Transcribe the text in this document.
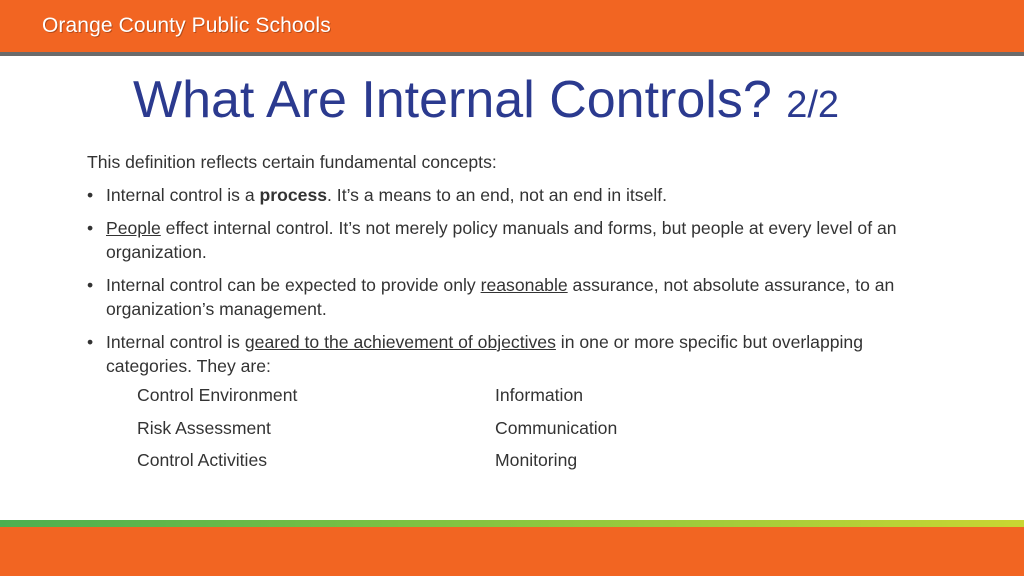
Orange County Public Schools
What Are Internal Controls? 2/2

This definition reflects certain fundamental concepts:

• Internal control is a process. It’s a means to an end, not an end in itself.
• People effect internal control. It’s not merely policy manuals and forms, but people at every level of an organization.
• Internal control can be expected to provide only reasonable assurance, not absolute assurance, to an organization’s management.
• Internal control is geared to the achievement of objectives in one or more specific but overlapping categories. They are:
Control Environment	Information
Risk Assessment	Communication
Control Activities	Monitoring
